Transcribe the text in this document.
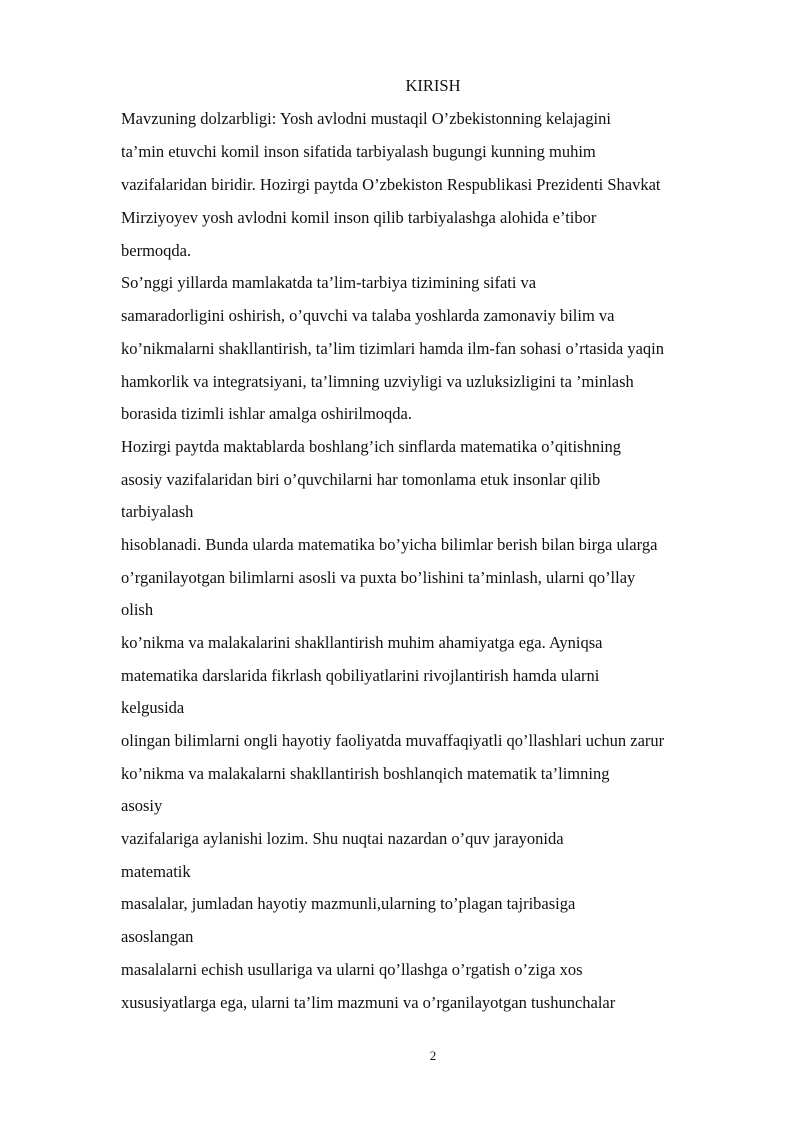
KIRISH
Mavzuning dolzarbligi: Yosh avlodni mustaqil O’zbekistonning kelajagini
ta’min etuvchi komil inson sifatida tarbiyalash bugungi kunning muhim
vazifalaridan biridir. Hozirgi paytda O’zbekiston Respublikasi Prezidenti Shavkat
Mirziyoyev yosh avlodni komil inson qilib tarbiyalashga alohida e’tibor
bermoqda.
So’nggi yillarda mamlakatda ta’lim-tarbiya tizimining sifati va
samaradorligini oshirish, o’quvchi va talaba yoshlarda zamonaviy bilim va
ko’nikmalarni shakllantirish, ta’lim tizimlari hamda ilm-fan sohasi o’rtasida yaqin
hamkorlik va integratsiyani, ta’limning uzviyligi va uzluksizligini ta ’minlash
borasida tizimli ishlar amalga oshirilmoqda.
Hozirgi paytda maktablarda boshlang’ich sinflarda matematika o’qitishning
asosiy vazifalaridan biri o’quvchilarni har tomonlama etuk insonlar qilib
tarbiyalash
hisoblanadi. Bunda ularda matematika bo’yicha bilimlar berish bilan birga ularga
o’rganilayotgan bilimlarni asosli va puxta bo’lishini ta’minlash, ularni qo’llay
olish
ko’nikma va malakalarini shakllantirish muhim ahamiyatga ega. Ayniqsa
matematika darslarida fikrlash qobiliyatlarini rivojlantirish hamda ularni
kelgusida
olingan bilimlarni ongli hayotiy faoliyatda muvaffaqiyatli qo’llashlari uchun zarur
ko’nikma va malakalarni shakllantirish boshlanqich matematik ta’limning
asosiy
vazifalariga aylanishi lozim. Shu nuqtai nazardan o’quv jarayonida
matematik
masalalar, jumladan hayotiy mazmunli,ularning to’plagan tajribasiga
asoslangan
masalalarni echish usullariga va ularni qo’llashga o’rgatish o’ziga xos
xususiyatlarga ega, ularni ta’lim mazmuni va o’rganilayotgan tushunchalar
2
